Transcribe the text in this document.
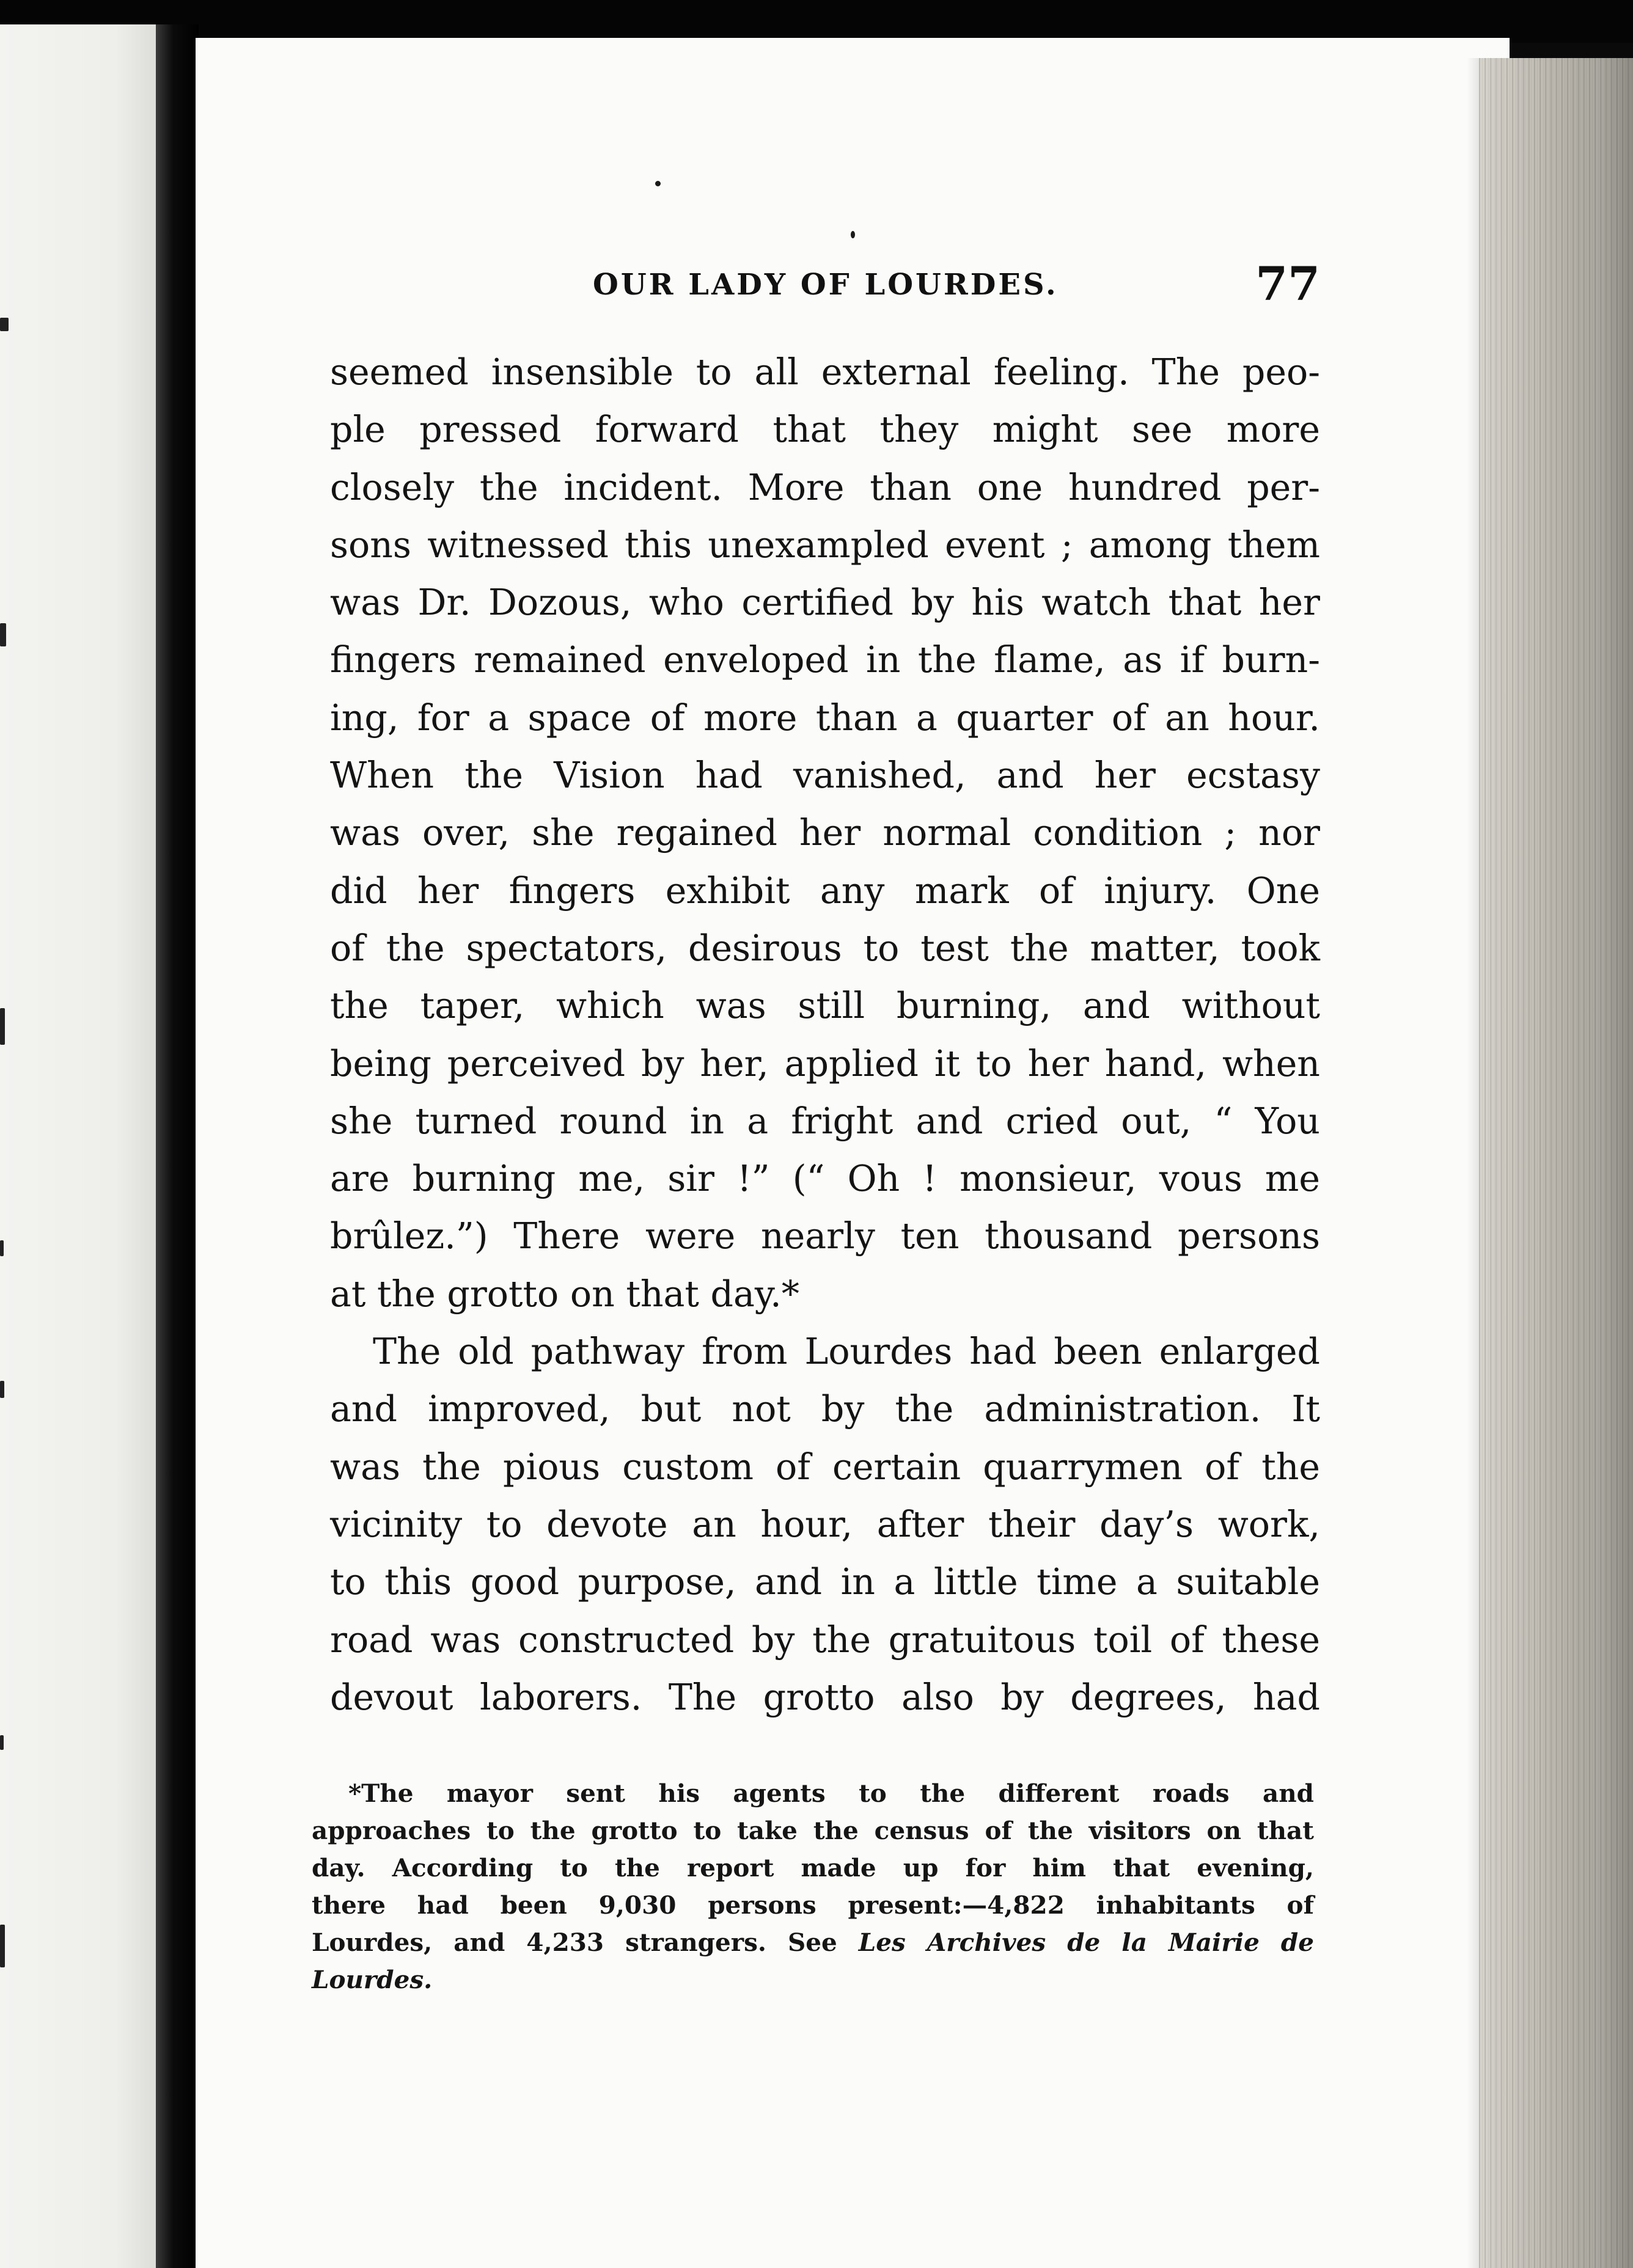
OUR LADY OF LOURDES.	77
seemed insensible to all external feeling. The peo-
ple pressed forward that they might see more
closely the incident. More than one hundred per-
sons witnessed this unexampled event ; among them
was Dr. Dozous, who certified by his watch that her
fingers remained enveloped in the flame, as if burn-
ing, for a space of more than a quarter of an hour.
When the Vision had vanished, and her ecstasy
was over, she regained her normal condition ; nor
did her fingers exhibit any mark of injury. One
of the spectators, desirous to test the matter, took
the taper, which was still burning, and without
being perceived by her, applied it to her hand, when
she turned round in a fright and cried out, “ You
are burning me, sir !” (“ Oh ! monsieur, vous me
brûlez.”) There were nearly ten thousand persons
at the grotto on that day.*
The old pathway from Lourdes had been enlarged
and improved, but not by the administration. It
was the pious custom of certain quarrymen of the
vicinity to devote an hour, after their day’s work,
to this good purpose, and in a little time a suitable
road was constructed by the gratuitous toil of these
devout laborers. The grotto also by degrees, had
*The mayor sent his agents to the different roads and
approaches to the grotto to take the census of the visitors on that
day. According to the report made up for him that evening,
there had been 9,030 persons present:—4,822 inhabitants of
Lourdes, and 4,233 strangers. See Les Archives de la Mairie de
Lourdes.
